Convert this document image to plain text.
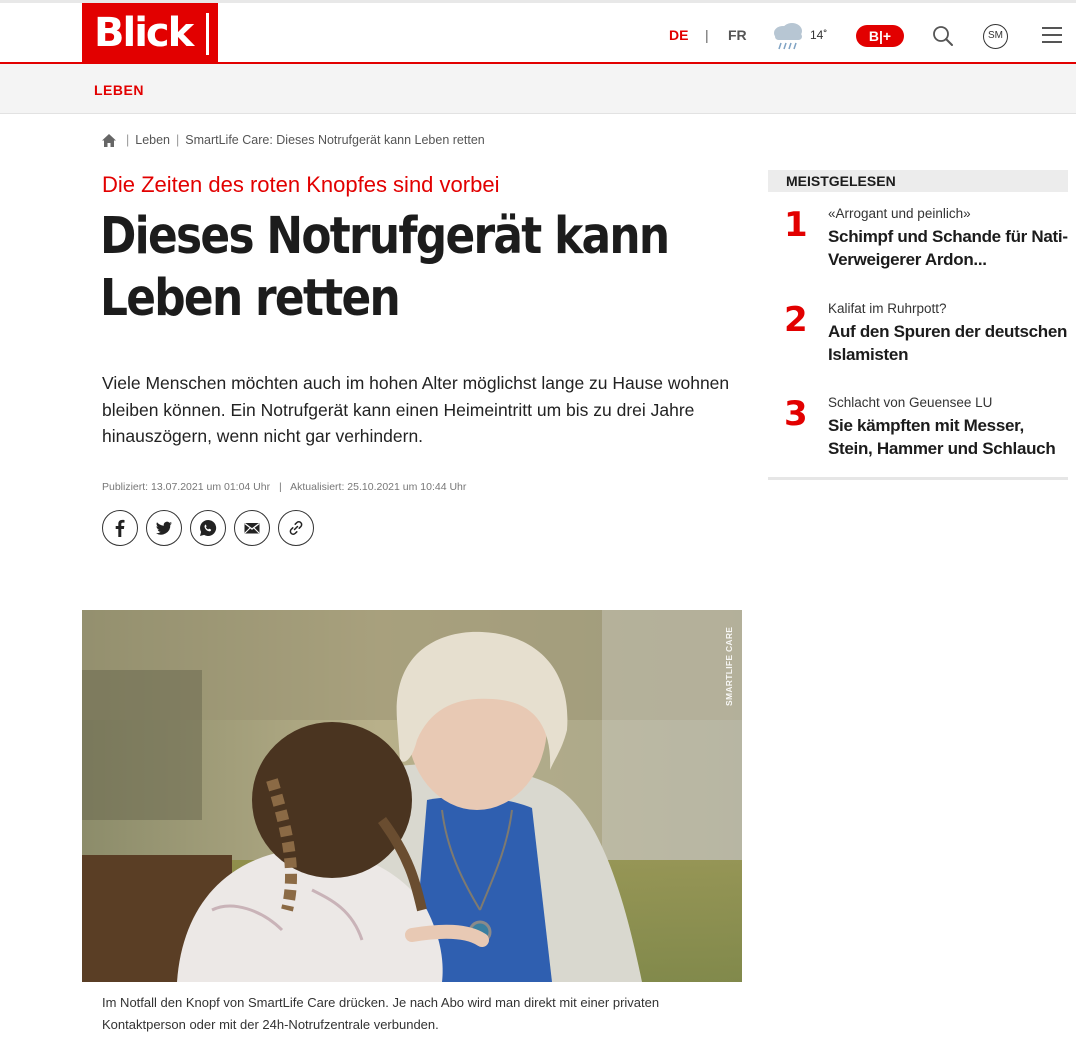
Blick	DE | FR	14˚	B|+	SM
LEBEN
| Leben | SmartLife Care: Dieses Notrufgerät kann Leben retten
Die Zeiten des roten Knopfes sind vorbei
Dieses Notrufgerät kann Leben retten

Viele Menschen möchten auch im hohen Alter möglichst lange zu Hause wohnen bleiben können. Ein Notrufgerät kann einen Heimeintritt um bis zu drei Jahre hinauszögern, wenn nicht gar verhindern.

Publiziert: 13.07.2021 um 01:04 Uhr | Aktualisiert: 25.10.2021 um 10:44 Uhr
SMARTLIFE CARE

Im Notfall den Knopf von SmartLife Care drücken. Je nach Abo wird man direkt mit einer privaten Kontaktperson oder mit der 24h-Notrufzentrale verbunden.

MEISTGELESEN
1 «Arrogant und peinlich»
Schimpf und Schande für Nati-Verweigerer Ardon...
2 Kalifat im Ruhrpott?
Auf den Spuren der deutschen Islamisten
3 Schlacht von Geuensee LU
Sie kämpften mit Messer, Stein, Hammer und Schlauch
